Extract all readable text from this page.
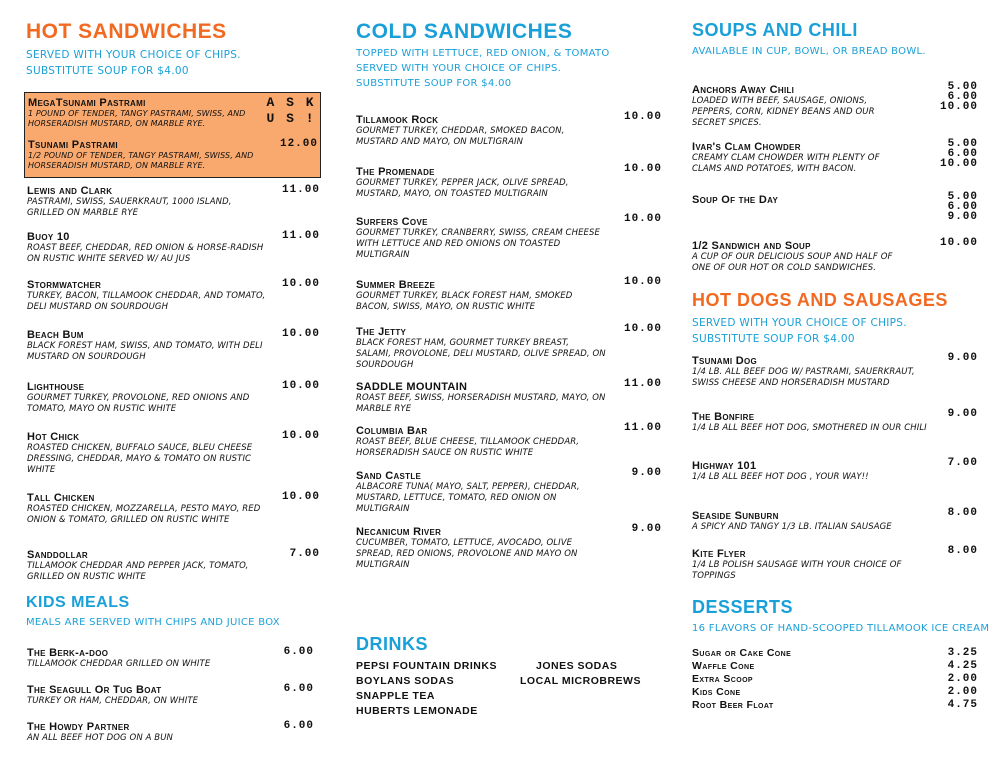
HOT SANDWICHES
SERVED WITH YOUR CHOICE OF CHIPS.
SUBSTITUTE SOUP FOR $4.00
MegaTsunami Pastrami
1 POUND OF TENDER, TANGY PASTRAMI, SWISS, AND HORSERADISH MUSTARD, ON MARBLE RYE.
A S K
U S !
Tsunami Pastrami
1/2 POUND OF TENDER, TANGY PASTRAMI, SWISS, AND HORSERADISH MUSTARD, ON MARBLE RYE.
12.00
Lewis and Clark
PASTRAMI, SWISS, SAUERKRAUT, 1000 ISLAND, GRILLED ON MARBLE RYE
11.00
Buoy 10
ROAST BEEF, CHEDDAR, RED ONION & HORSE-RADISH ON RUSTIC WHITE SERVED W/ AU JUS
11.00
Stormwatcher
TURKEY, BACON, TILLAMOOK CHEDDAR, AND TOMATO, DELI MUSTARD ON SOURDOUGH
10.00
Beach Bum
BLACK FOREST HAM, SWISS, AND TOMATO, WITH DELI MUSTARD ON SOURDOUGH
10.00
Lighthouse
GOURMET TURKEY, PROVOLONE, RED ONIONS AND TOMATO, MAYO ON RUSTIC WHITE
10.00
Hot Chick
ROASTED CHICKEN, BUFFALO SAUCE, BLEU CHEESE DRESSING, CHEDDAR, MAYO & TOMATO ON RUSTIC WHITE
10.00
Tall Chicken
ROASTED CHICKEN, MOZZARELLA, PESTO MAYO, RED ONION & TOMATO, GRILLED ON RUSTIC WHITE
10.00
Sanddollar
TILLAMOOK CHEDDAR AND PEPPER JACK, TOMATO, GRILLED ON RUSTIC WHITE
7.00
KIDS MEALS
MEALS ARE SERVED WITH CHIPS AND JUICE BOX
The Berk-a-doo
TILLAMOOK CHEDDAR GRILLED ON WHITE
6.00
The Seagull Or Tug Boat
TURKEY OR HAM, CHEDDAR, ON WHITE
6.00
The Howdy Partner
AN ALL BEEF HOT DOG ON A BUN
6.00
COLD SANDWICHES
TOPPED WITH LETTUCE, RED ONION, & TOMATO
SERVED WITH YOUR CHOICE OF CHIPS.
SUBSTITUTE SOUP FOR $4.00
Tillamook Rock
GOURMET TURKEY, CHEDDAR, SMOKED BACON, MUSTARD AND MAYO, ON MULTIGRAIN
10.00
The Promenade
GOURMET TURKEY, PEPPER JACK, OLIVE SPREAD, MUSTARD, MAYO, ON TOASTED MULTIGRAIN
10.00
Surfers Cove
GOURMET TURKEY, CRANBERRY, SWISS, CREAM CHEESE WITH LETTUCE AND RED ONIONS ON TOASTED MULTIGRAIN
10.00
Summer Breeze
GOURMET TURKEY, BLACK FOREST HAM, SMOKED BACON, SWISS, MAYO, ON RUSTIC WHITE
10.00
The Jetty
BLACK FOREST HAM, GOURMET TURKEY BREAST, SALAMI, PROVOLONE, DELI MUSTARD, OLIVE SPREAD, ON SOURDOUGH
10.00
SADDLE MOUNTAIN
ROAST BEEF, SWISS, HORSERADISH MUSTARD, MAYO, ON MARBLE RYE
11.00
Columbia Bar
ROAST BEEF, BLUE CHEESE, TILLAMOOK CHEDDAR, HORSERADISH SAUCE ON RUSTIC WHITE
11.00
Sand Castle
ALBACORE TUNA( MAYO, SALT, PEPPER), CHEDDAR, MUSTARD, LETTUCE, TOMATO, RED ONION ON MULTIGRAIN
9.00
Necanicum River
CUCUMBER, TOMATO, LETTUCE, AVOCADO, OLIVE SPREAD, RED ONIONS, PROVOLONE AND MAYO ON MULTIGRAIN
9.00
DRINKS
PEPSI FOUNTAIN DRINKS
BOYLANS SODAS
SNAPPLE TEA
HUBERTS LEMONADE
JONES SODAS
LOCAL MICROBREWS
SOUPS AND CHILI
AVAILABLE IN CUP, BOWL, OR BREAD BOWL.
Anchors Away Chili
LOADED WITH BEEF, SAUSAGE, ONIONS, PEPPERS, CORN, KIDNEY BEANS AND OUR SECRET SPICES.
5.00
6.00
10.00
Ivar's Clam Chowder
CREAMY CLAM CHOWDER WITH PLENTY OF CLAMS AND POTATOES, WITH BACON.
5.00
6.00
10.00
Soup Of the Day	5.00
6.00
9.00
1/2 Sandwich and Soup
A CUP OF OUR DELICIOUS SOUP AND HALF OF ONE OF OUR HOT OR COLD SANDWICHES.
10.00
HOT DOGS AND SAUSAGES
SERVED WITH YOUR CHOICE OF CHIPS.
SUBSTITUTE SOUP FOR $4.00
Tsunami Dog
1/4 LB. ALL BEEF DOG W/ PASTRAMI, SAUERKRAUT, SWISS CHEESE AND HORSERADISH MUSTARD
9.00
The Bonfire
1/4 LB ALL BEEF HOT DOG, SMOTHERED IN OUR CHILI
9.00
Highway 101
1/4 LB ALL BEEF HOT DOG , YOUR WAY!!
7.00
Seaside Sunburn
A SPICY AND TANGY 1/3 LB. ITALIAN SAUSAGE
8.00
Kite Flyer
1/4 LB POLISH SAUSAGE WITH YOUR CHOICE OF TOPPINGS
8.00
DESSERTS
16 FLAVORS OF HAND-SCOOPED TILLAMOOK ICE CREAM
Sugar or Cake Cone	3.25
Waffle Cone	4.25
Extra Scoop	2.00
Kids Cone	2.00
Root Beer Float	4.75
